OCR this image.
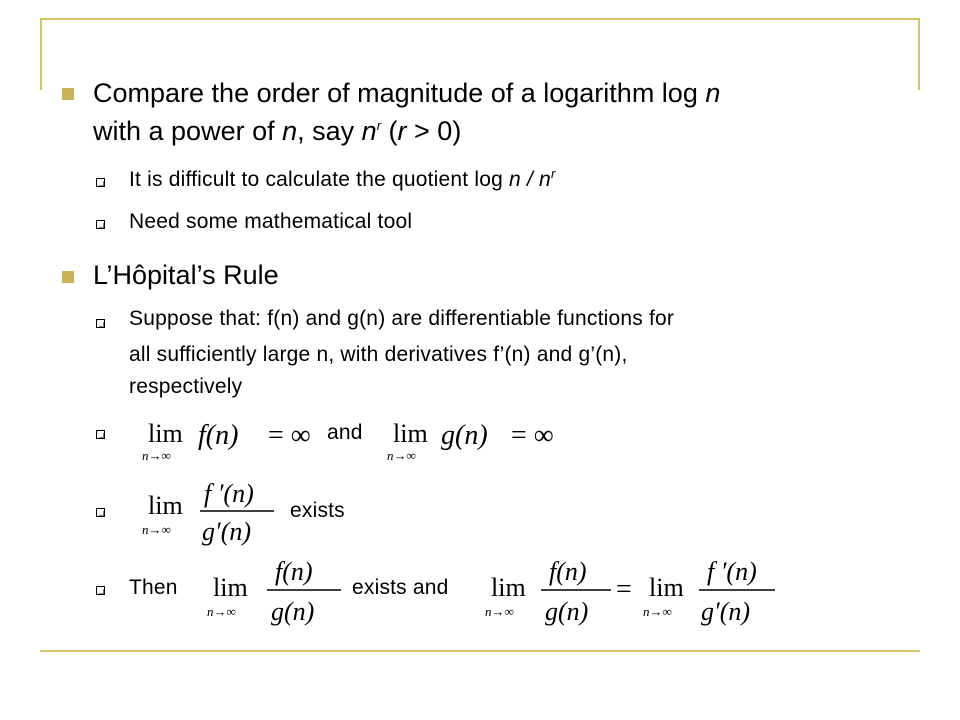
Compare the order of magnitude of a logarithm log n
with a power of n, say $n^r$ (r > 0)
It is difficult to calculate the quotient log n / $n^r$
Need some mathematical tool
L’Hôpital’s Rule
Suppose that: f(n) and g(n) are differentiable functions for
all sufficiently large n, with derivatives f’(n) and g’(n),
respectively
lim
n→∞
f(n) = ∞ and lim
n→∞
g(n) = ∞
lim
n→∞
f ′(n)
g′(n)
exists
Then lim
n→∞
f(n)
g(n)
exists and lim
n→∞
f(n)
g(n)
= lim
n→∞
f ′(n)
g′(n)
